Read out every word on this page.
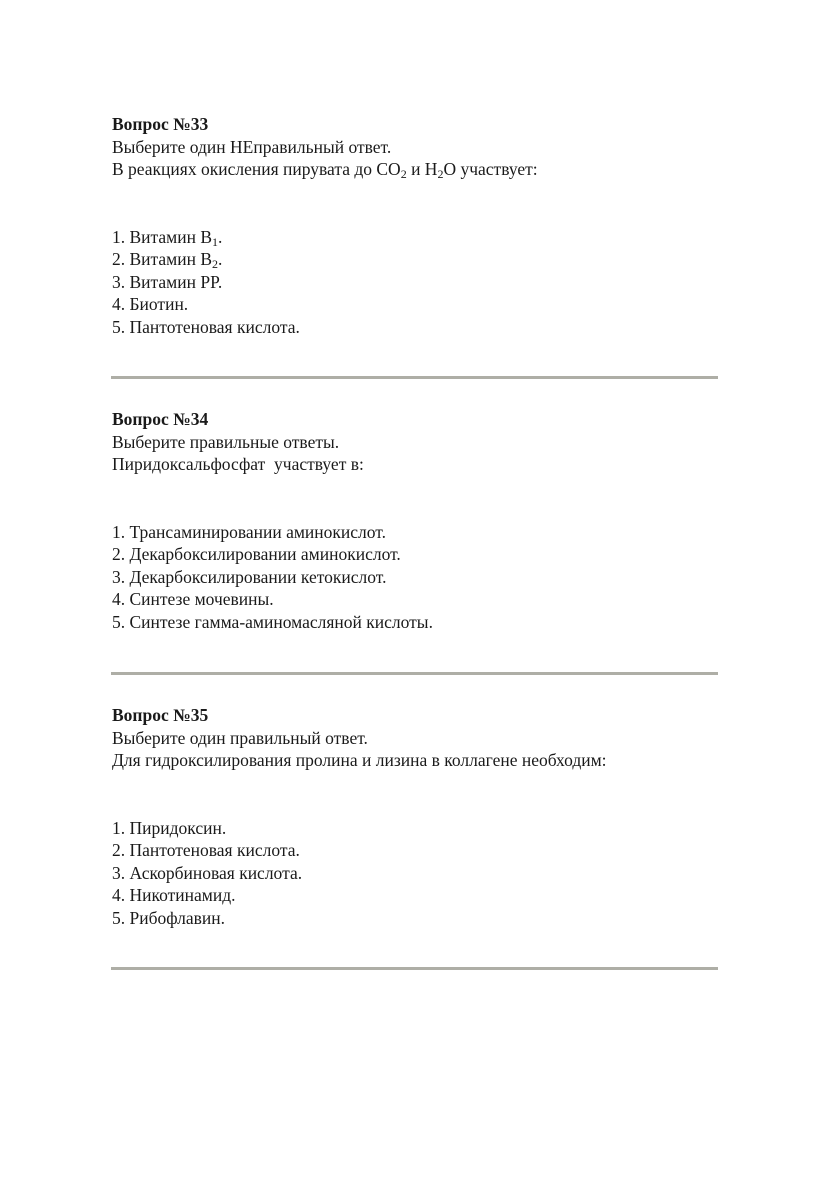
Вопрос №33
Выберите один НЕправильный ответ.
В реакциях окисления пирувата до $CO_2$ и $H_2O$ участвует:
1. Витамин $B_1$.
2. Витамин $B_2$.
3. Витамин PP.
4. Биотин.
5. Пантотеновая кислота.
Вопрос №34
Выберите правильные ответы.
Пиридоксальфосфат  участвует в:
1. Трансаминировании аминокислот.
2. Декарбоксилировании аминокислот.
3. Декарбоксилировании кетокислот.
4. Синтезе мочевины.
5. Синтезе гамма-аминомасляной кислоты.
Вопрос №35
Выберите один правильный ответ.
Для гидроксилирования пролина и лизина в коллагене необходим:
1. Пиридоксин.
2. Пантотеновая кислота.
3. Аскорбиновая кислота.
4. Никотинамид.
5. Рибофлавин.
